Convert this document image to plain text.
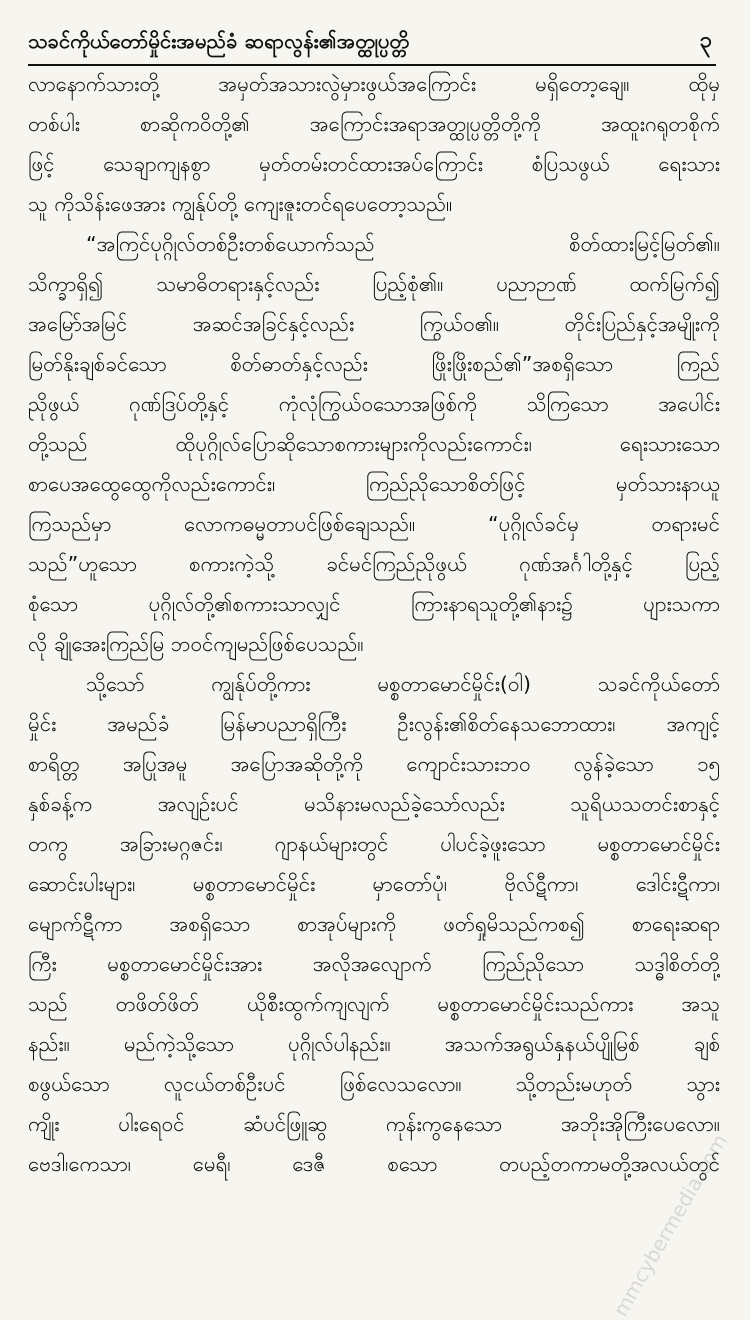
သခင်ကိုယ်တော်မှိုင်းအမည်ခံ ဆရာလွန်း၏အတ္ထုပ္ပတ္တိ	၃
လာနောက်သားတို့ အမှတ်အသားလွဲမှားဖွယ်အကြောင်း မရှိတော့ချေ။ ထိုမှ
တစ်ပါး စာဆိုကဝိတို့၏ အကြောင်းအရာအတ္ထုပ္ပတ္တိတို့ကို အထူးဂရုတစိုက်
ဖြင့် သေချာကျနစွာ မှတ်တမ်းတင်ထားအပ်ကြောင်း စံပြသဖွယ် ရေးသား
သူ ကိုသိန်းဖေအား ကျွန်ုပ်တို့ ကျေးဇူးတင်ရပေတော့သည်။
“အကြင်ပုဂ္ဂိုလ်တစ်ဦးတစ်ယောက်သည် စိတ်ထားမြင့်မြတ်၏။
သိက္ခာရှိ၍ သမာဓိတရားနှင့်လည်း ပြည့်စုံ၏။ ပညာဉာဏ် ထက်မြက်၍
အမြော်အမြင် အဆင်အခြင်နှင့်လည်း ကြွယ်ဝ၏။ တိုင်းပြည်နှင့်အမျိုးကို
မြတ်နိုးချစ်ခင်သော စိတ်ဓာတ်နှင့်လည်း ဖြိုးဖြိုးစည်၏”အစရှိသော ကြည်
ညိုဖွယ် ဂုဏ်ဒြပ်တို့နှင့် ကုံလုံကြွယ်ဝသောအဖြစ်ကို သိကြသော အပေါင်း
တို့သည် ထိုပုဂ္ဂိုလ်ပြောဆိုသောစကားများကိုလည်းကောင်း၊ ရေးသားသော
စာပေအထွေထွေကိုလည်းကောင်း၊ ကြည်ညိုသောစိတ်ဖြင့် မှတ်သားနာယူ
ကြသည်မှာ လောကဓမ္မတာပင်ဖြစ်ချေသည်။ “ပုဂ္ဂိုလ်ခင်မှ တရားမင်
သည်”ဟူသော စကားကဲ့သို့ ခင်မင်ကြည်ညိုဖွယ် ဂုဏ်အင်္ဂါတို့နှင့် ပြည့်
စုံသော ပုဂ္ဂိုလ်တို့၏စကားသာလျှင် ကြားနာရသူတို့၏နား၌ ပျားသကာ
လို ချိုအေးကြည်မြ ဘဝင်ကျမည်ဖြစ်ပေသည်။
သို့သော် ကျွန်ုပ်တို့ကား မစ္စတာမောင်မှိုင်း(ဝါ) သခင်ကိုယ်တော်
မှိုင်း အမည်ခံ မြန်မာပညာရှိကြီး ဦးလွန်း၏စိတ်နေသဘောထား၊ အကျင့်
စာရိတ္တ အပြုအမူ အပြောအဆိုတို့ကို ကျောင်းသားဘဝ လွန်ခဲ့သော ၁၅
နှစ်ခန့်က အလျဉ်းပင် မသိနားမလည်ခဲ့သော်လည်း သူရိယသတင်းစာနှင့်
တကွ အခြားမဂ္ဂဇင်း၊ ဂျာနယ်များတွင် ပါပင်ခဲ့ဖူးသော မစ္စတာမောင်မှိုင်း
ဆောင်းပါးများ၊ မစ္စတာမောင်မှိုင်း မှာတော်ပုံ၊ ဗိုလ်ဋီကာ၊ ဒေါင်းဋီကာ၊
မျောက်ဋီကာ အစရှိသော စာအုပ်များကို ဖတ်ရှုမိသည်ကစ၍ စာရေးဆရာ
ကြီး မစ္စတာမောင်မှိုင်းအား အလိုအလျောက် ကြည်ညိုသော သဒ္ဓါစိတ်တို့
သည် တဖိတ်ဖိတ် ယိုစီးထွက်ကျလျက် မစ္စတာမောင်မှိုင်းသည်ကား အသူ
နည်း။ မည်ကဲ့သို့သော ပုဂ္ဂိုလ်ပါနည်း။ အသက်အရွယ်နှနယ်ပျိုမြစ် ချစ်
စဖွယ်သော လူငယ်တစ်ဦးပင် ဖြစ်လေသလော။ သို့တည်းမဟုတ် သွား
ကျိုး ပါးရေဝင် ဆံပင်ဖြူဆွ ကုန်းကွနေသော အဘိုးအိုကြီးပေလော။
ဗေဒါ၊ကေသာ၊ မေရီ၊ ဒေဇီ စသော တပည့်တကာမတို့အလယ်တွင်
mmcybermedia.com
